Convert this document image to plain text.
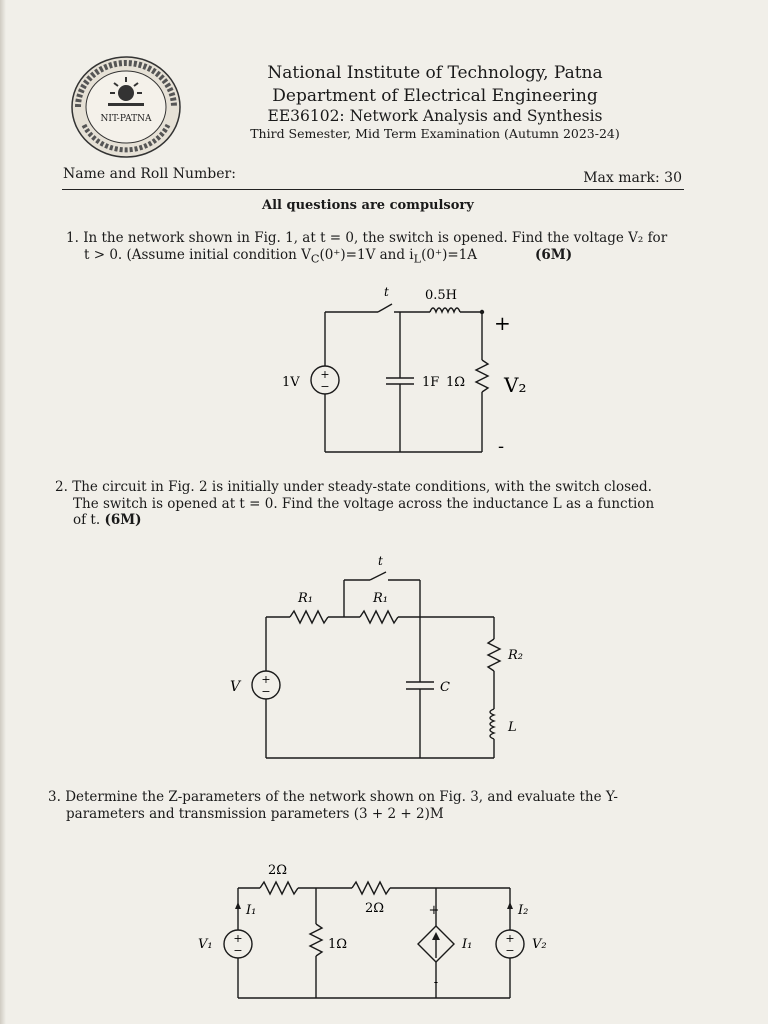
NIT-PATNA
National Institute of Technology, Patna
Department of Electrical Engineering
EE36102: Network Analysis and Synthesis
Third Semester, Mid Term Examination (Autumn 2023-24)
Name and Roll Number:	Max mark: 30
All questions are compulsory
1. In the network shown in Fig. 1, at t = 0, the switch is opened. Find the voltage V₂ for
t > 0. (Assume initial condition $V_C(0^+)=1V$ and $i_L(0^+)=1A$	(6M)
+
−
t	0.5H
1V	1F 1Ω
+
V₂
-
2. The circuit in Fig. 2 is initially under steady-state conditions, with the switch closed.
The switch is opened at t = 0. Find the voltage across the inductance L as a function
of t. (6M)
+
−
t
R₁	R₁
R₂
V	C
L
3. Determine the Z-parameters of the network shown on Fig. 3, and evaluate the Y-
parameters and transmission parameters (3 + 2 + 2)M
+
−
+
−
2Ω
2Ω
1Ω
I₁	I₂
V₁	V₂
I₁
+
-
